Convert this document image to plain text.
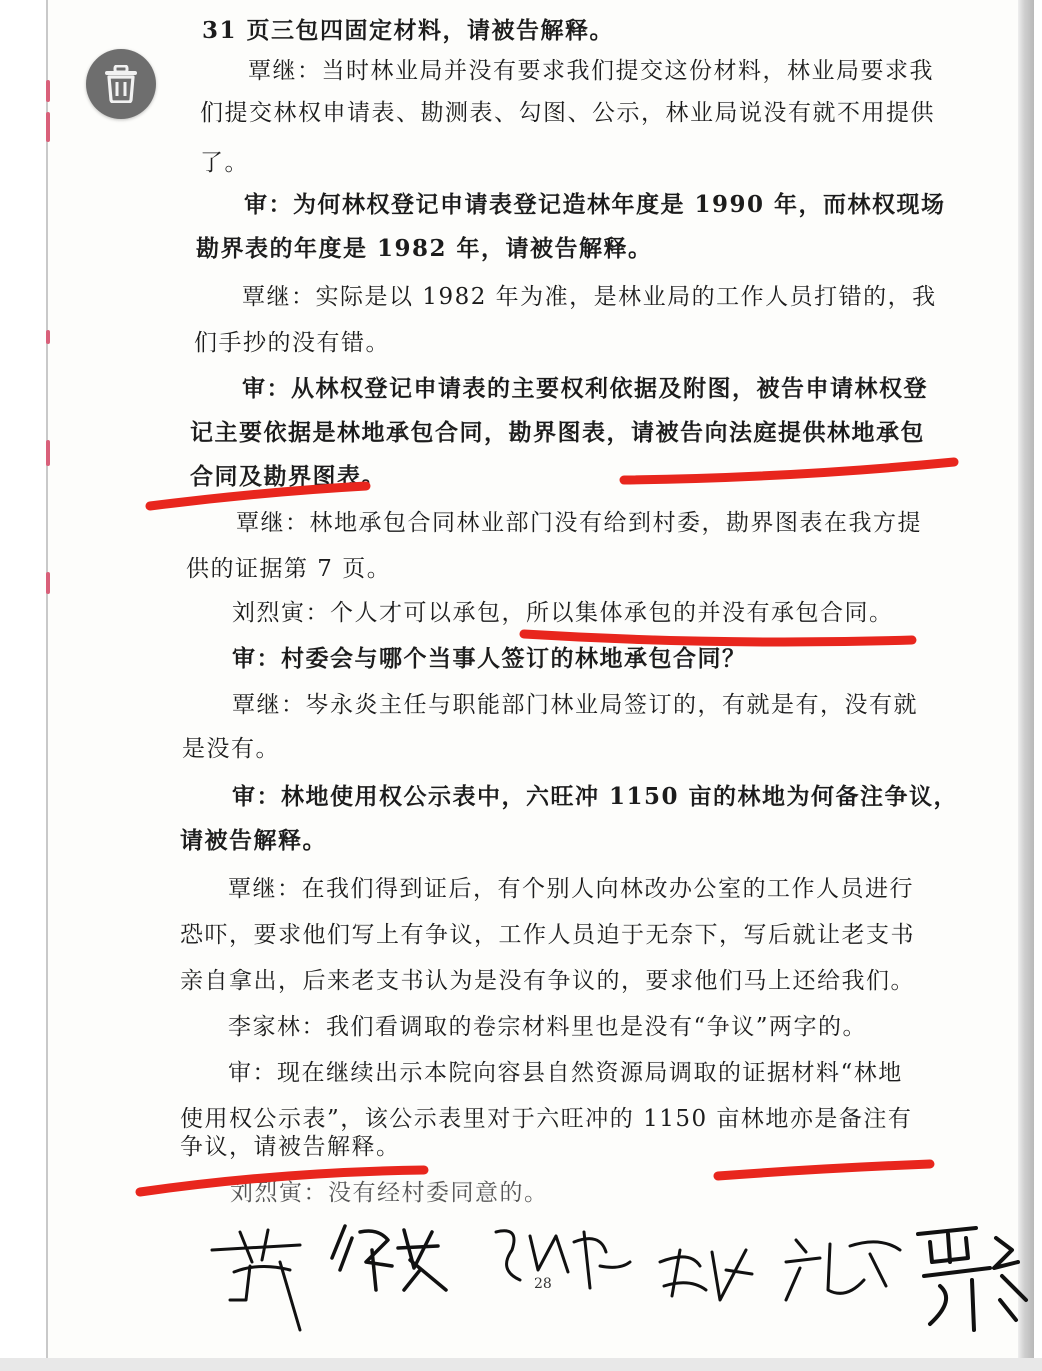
31 页三包四固定材料，请被告解释。

覃继：当时林业局并没有要求我们提交这份材料，林业局要求我

们提交林权申请表、勘测表、勾图、公示，林业局说没有就不用提供

了。

审：为何林权登记申请表登记造林年度是 1990 年，而林权现场

勘界表的年度是 1982 年，请被告解释。

覃继：实际是以 1982 年为准，是林业局的工作人员打错的，我

们手抄的没有错。

审：从林权登记申请表的主要权利依据及附图，被告申请林权登

记主要依据是林地承包合同，勘界图表，请被告向法庭提供林地承包

合同及勘界图表。

覃继：林地承包合同林业部门没有给到村委，勘界图表在我方提

供的证据第 7 页。

刘烈寅：个人才可以承包，所以集体承包的并没有承包合同。

审：村委会与哪个当事人签订的林地承包合同？

覃继：岑永炎主任与职能部门林业局签订的，有就是有，没有就

是没有。

审：林地使用权公示表中，六旺冲 1150 亩的林地为何备注争议，

请被告解释。

覃继：在我们得到证后，有个别人向林改办公室的工作人员进行

恐吓，要求他们写上有争议，工作人员迫于无奈下，写后就让老支书

亲自拿出，后来老支书认为是没有争议的，要求他们马上还给我们。

李家林：我们看调取的卷宗材料里也是没有“争议”两字的。

审：现在继续出示本院向容县自然资源局调取的证据材料“林地

使用权公示表”，该公示表里对于六旺冲的 1150 亩林地亦是备注有

争议，请被告解释。

刘烈寅：没有经村委同意的。

28
